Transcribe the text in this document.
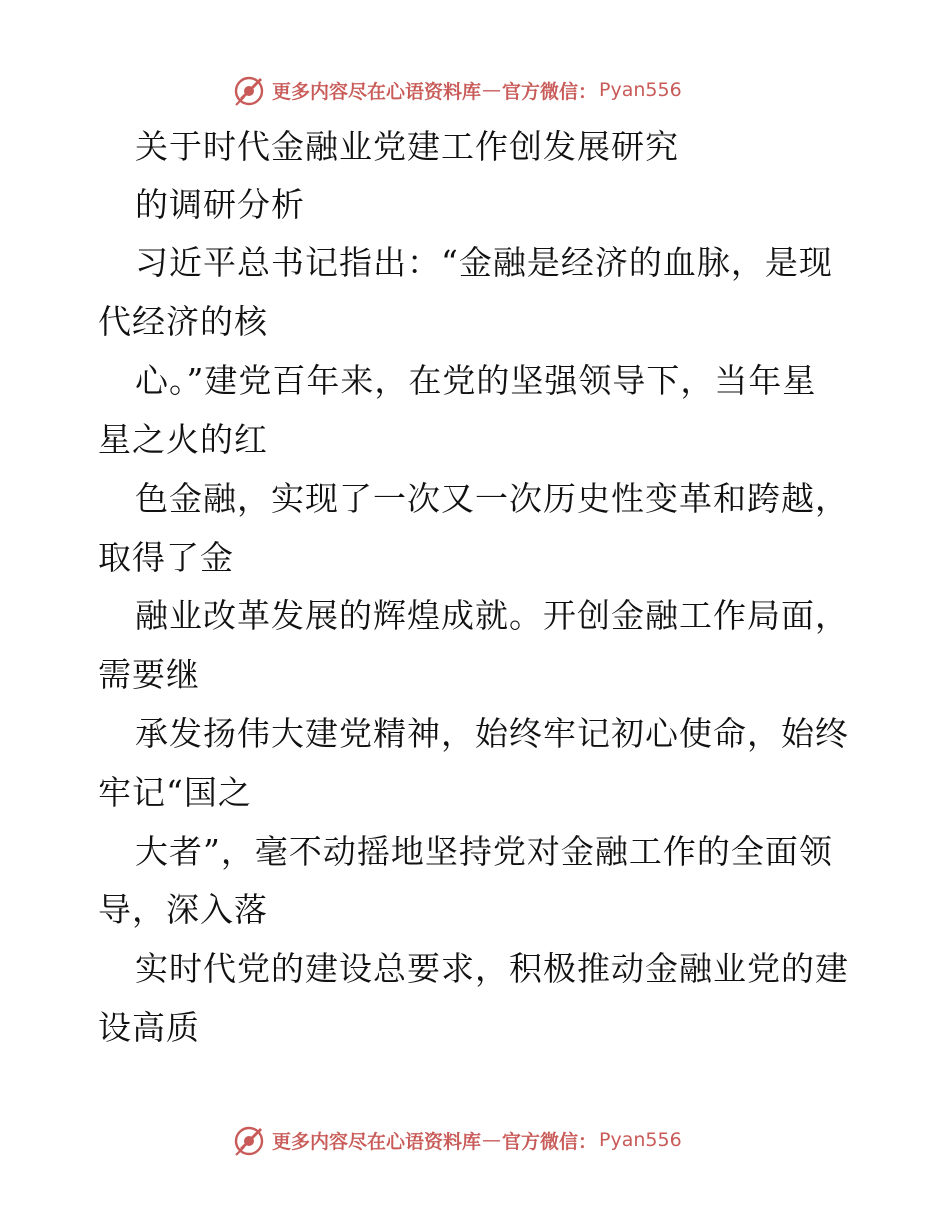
更多内容尽在心语资料库 — 官方微信： Pyan556
关于时代金融业党建工作创发展研究
的调研分析
习近平总书记指出：“金融是经济的血脉，是现
代经济的核
心。”建党百年来，在党的坚强领导下，当年星
星之火的红
色金融，实现了一次又一次历史性变革和跨越，
取得了金
融业改革发展的辉煌成就。开创金融工作局面，
需要继
承发扬伟大建党精神，始终牢记初心使命，始终
牢记“国之
大者”，毫不动摇地坚持党对金融工作的全面领
导，深入落
实时代党的建设总要求，积极推动金融业党的建
设高质
更多内容尽在心语资料库 — 官方微信： Pyan556
